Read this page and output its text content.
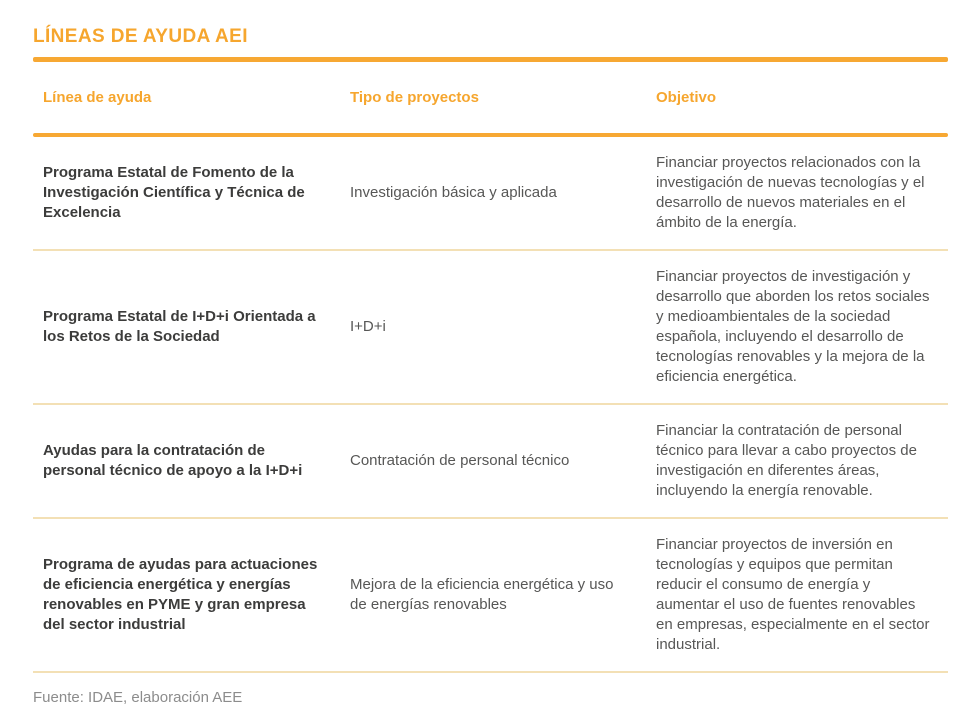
LÍNEAS DE AYUDA AEI
Línea de ayuda	Tipo de proyectos	Objetivo
Programa Estatal de Fomento de la Investigación Científica y Técnica de Excelencia
Investigación básica y aplicada
Financiar proyectos relacionados con la investigación de nuevas tecnologías y el desarrollo de nuevos materiales en el ámbito de la energía.
Programa Estatal de I+D+i Orientada a los Retos de la Sociedad
I+D+i
Financiar proyectos de investigación y desarrollo que aborden los retos sociales y medioambientales de la sociedad española, incluyendo el desarrollo de tecnologías renovables y la mejora de la eficiencia energética.
Ayudas para la contratación de personal técnico de apoyo a la I+D+i
Contratación de personal técnico
Financiar la contratación de personal técnico para llevar a cabo proyectos de investigación en diferentes áreas, incluyendo la energía renovable.
Programa de ayudas para actuaciones de eficiencia energética y energías renovables en PYME y gran empresa del sector industrial
Mejora de la eficiencia energética y uso de energías renovables
Financiar proyectos de inversión en tecnologías y equipos que permitan reducir el consumo de energía y aumentar el uso de fuentes renovables en empresas, especialmente en el sector industrial.
Fuente: IDAE, elaboración AEE
